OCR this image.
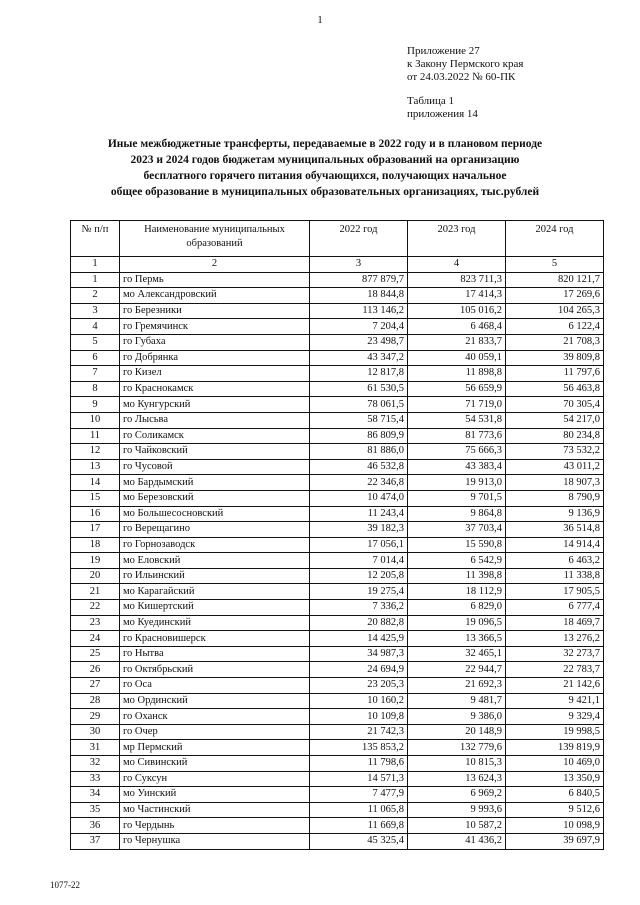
1
Приложение 27
к Закону Пермского края
от 24.03.2022 № 60-ПК
Таблица 1
приложения 14
Иные межбюджетные трансферты, передаваемые в 2022 году и в плановом периоде
2023 и 2024 годов бюджетам муниципальных образований на организацию
бесплатного горячего питания обучающихся, получающих начальное
общее образование в муниципальных образовательных организациях, тыс.рублей
№ п/п	Наименование муниципальных образований	2022 год	2023 год	2024 год
1	2	3	4	5
1	го Пермь	877 879,7	823 711,3	820 121,7
2	мо Александровский	18 844,8	17 414,3	17 269,6
3	го Березники	113 146,2	105 016,2	104 265,3
4	го Гремячинск	7 204,4	6 468,4	6 122,4
5	го Губаха	23 498,7	21 833,7	21 708,3
6	го Добрянка	43 347,2	40 059,1	39 809,8
7	го Кизел	12 817,8	11 898,8	11 797,6
8	го Краснокамск	61 530,5	56 659,9	56 463,8
9	мо Кунгурский	78 061,5	71 719,0	70 305,4
10	го Лысьва	58 715,4	54 531,8	54 217,0
11	го Соликамск	86 809,9	81 773,6	80 234,8
12	го Чайковский	81 886,0	75 666,3	73 532,2
13	го Чусовой	46 532,8	43 383,4	43 011,2
14	мо Бардымский	22 346,8	19 913,0	18 907,3
15	мо Березовский	10 474,0	9 701,5	8 790,9
16	мо Большесосновский	11 243,4	9 864,8	9 136,9
17	го Верещагино	39 182,3	37 703,4	36 514,8
18	го Горнозаводск	17 056,1	15 590,8	14 914,4
19	мо Еловский	7 014,4	6 542,9	6 463,2
20	го Ильинский	12 205,8	11 398,8	11 338,8
21	мо Карагайский	19 275,4	18 112,9	17 905,5
22	мо Кишертский	7 336,2	6 829,0	6 777,4
23	мо Куединский	20 882,8	19 096,5	18 469,7
24	го Красновишерск	14 425,9	13 366,5	13 276,2
25	го Нытва	34 987,3	32 465,1	32 273,7
26	го Октябрьский	24 694,9	22 944,7	22 783,7
27	го Оса	23 205,3	21 692,3	21 142,6
28	мо Ординский	10 160,2	9 481,7	9 421,1
29	го Оханск	10 109,8	9 386,0	9 329,4
30	го Очер	21 742,3	20 148,9	19 998,5
31	мр Пермский	135 853,2	132 779,6	139 819,9
32	мо Сивинский	11 798,6	10 815,3	10 469,0
33	го Суксун	14 571,3	13 624,3	13 350,9
34	мо Уинский	7 477,9	6 969,2	6 840,5
35	мо Частинский	11 065,8	9 993,6	9 512,6
36	го Чердынь	11 669,8	10 587,2	10 098,9
37	го Чернушка	45 325,4	41 436,2	39 697,9
1077-22
